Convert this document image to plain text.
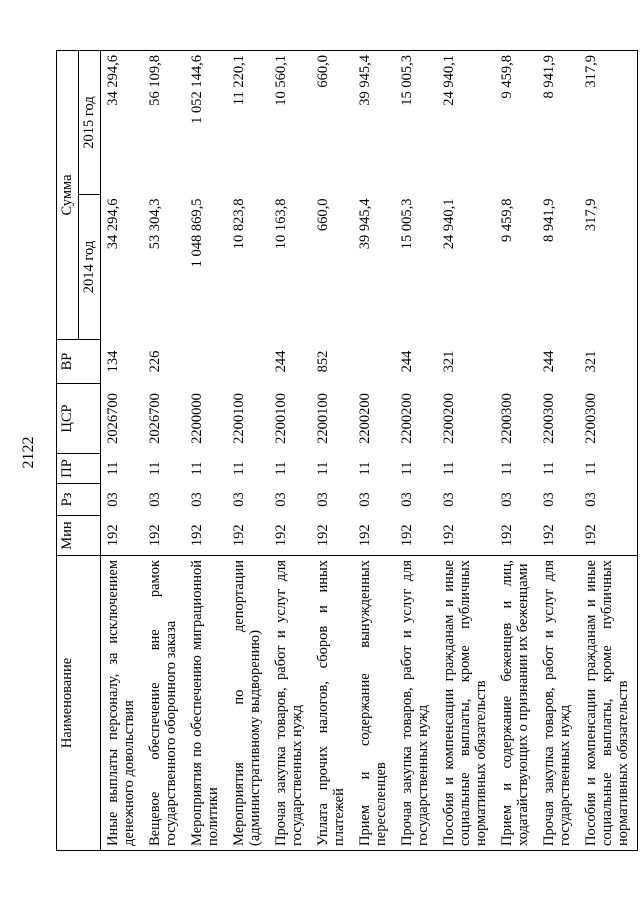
2122
Наименование	Мин	Рз	ПР	ЦСР	ВР	Сумма	
						2014 год	2015 год
Иные выплаты персоналу, за исключением денежного довольствия	192	03	11	2026700	134	34 294,6	34 294,6
Вещевое обеспечение вне рамок государственного оборонного заказа	192	03	11	2026700	226	53 304,3	56 109,8
Мероприятия по обеспечению миграционной политики	192	03	11	2200000		1 048 869,5	1 052 144,6
Мероприятия по депортации (административному выдворению)	192	03	11	2200100		10 823,8	11 220,1
Прочая закупка товаров, работ и услуг для государственных нужд	192	03	11	2200100	244	10 163,8	10 560,1
Уплата прочих налогов, сборов и иных платежей	192	03	11	2200100	852	660,0	660,0
Прием и содержание вынужденных переселенцев	192	03	11	2200200		39 945,4	39 945,4
Прочая закупка товаров, работ и услуг для государственных нужд	192	03	11	2200200	244	15 005,3	15 005,3
Пособия и компенсации гражданам и иные социальные выплаты, кроме публичных нормативных обязательств	192	03	11	2200200	321	24 940,1	24 940,1
Прием и содержание беженцев и лиц, ходатайствующих о признании их беженцами	192	03	11	2200300		9 459,8	9 459,8
Прочая закупка товаров, работ и услуг для государственных нужд	192	03	11	2200300	244	8 941,9	8 941,9
Пособия и компенсации гражданам и иные социальные выплаты, кроме публичных нормативных обязательств	192	03	11	2200300	321	317,9	317,9
